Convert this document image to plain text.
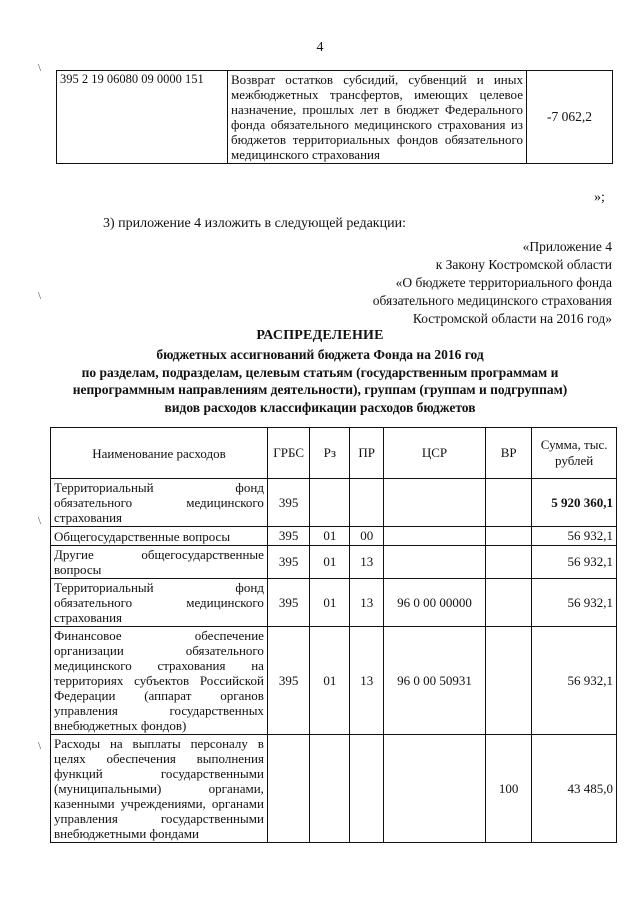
4
\
\
\
\
395 2 19 06080 09 0000 151	Возврат остатков субсидий, субвенций и иных межбюджетных трансфертов, имеющих целевое назначение, прошлых лет в бюджет Федерального фонда обязательного медицинского страхования из бюджетов территориальных фондов обязательного медицинского страхования	-7 062,2
»;
3) приложение 4 изложить в следующей редакции:
«Приложение 4
к Закону Костромской области
«О бюджете территориального фонда
обязательного медицинского страхования
Костромской области на 2016 год»
РАСПРЕДЕЛЕНИЕ
бюджетных ассигнований бюджета Фонда на 2016 год
по разделам, подразделам, целевым статьям (государственным программам и
непрограммным направлениям деятельности), группам (группам и подгруппам)
видов расходов классификации расходов бюджетов
Наименование расходов	ГРБС	Рз	ПР	ЦСР	ВР	Сумма, тыс. рублей
Территориальный фонд обязательного медицинского страхования	395					5 920 360,1
Общегосударственные вопросы	395	01	00			56 932,1
Другие общегосударственные вопросы	395	01	13			56 932,1
Территориальный фонд обязательного медицинского страхования	395	01	13	96 0 00 00000		56 932,1
Финансовое обеспечение организации обязательного медицинского страхования на территориях субъектов Российской Федерации (аппарат органов управления государственных внебюджетных фондов)	395	01	13	96 0 00 50931		56 932,1
Расходы на выплаты персоналу в целях обеспечения выполнения функций государственными (муниципальными) органами, казенными учреждениями, органами управления государственными внебюджетными фондами					100	43 485,0
